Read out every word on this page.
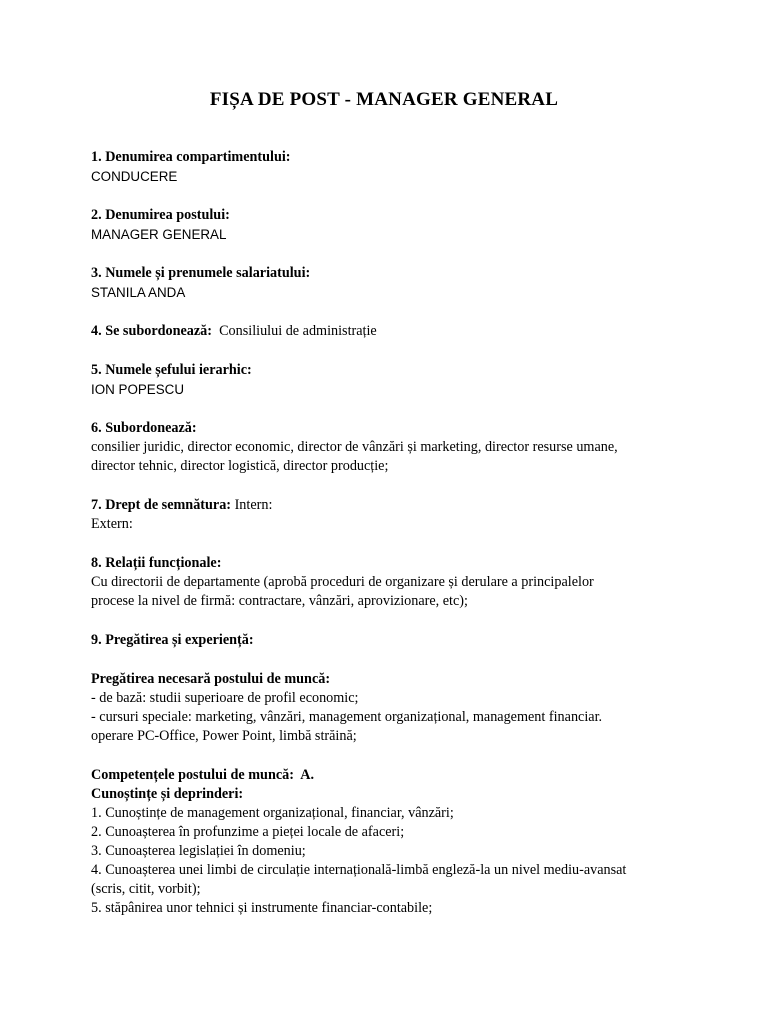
FIȘA DE POST - MANAGER GENERAL
1. Denumirea compartimentului:
CONDUCERE
2. Denumirea postului:
MANAGER GENERAL
3. Numele și prenumele salariatului:
STANILA ANDA
4. Se subordonează: Consiliului de administrație
5. Numele șefului ierarhic:
ION POPESCU
6. Subordonează:
consilier juridic, director economic, director de vânzări și marketing, director resurse umane,
director tehnic, director logistică, director producție;
7. Drept de semnătura: Intern:
Extern:
8. Relații funcționale:
Cu directorii de departamente (aprobă proceduri de organizare și derulare a principalelor
procese la nivel de firmă: contractare, vânzări, aprovizionare, etc);
9. Pregătirea și experiență:
Pregătirea necesară postului de muncă:
- de bază: studii superioare de profil economic;
- cursuri speciale: marketing, vânzări, management organizațional, management financiar.
operare PC-Office, Power Point, limbă străină;
Competențele postului de muncă: A.
Cunoștințe și deprinderi:
1. Cunoștințe de management organizațional, financiar, vânzări;
2. Cunoașterea în profunzime a pieței locale de afaceri;
3. Cunoașterea legislației în domeniu;
4. Cunoașterea unei limbi de circulație internațională-limbă engleză-la un nivel mediu-avansat
(scris, citit, vorbit);
5. stăpânirea unor tehnici și instrumente financiar-contabile;
